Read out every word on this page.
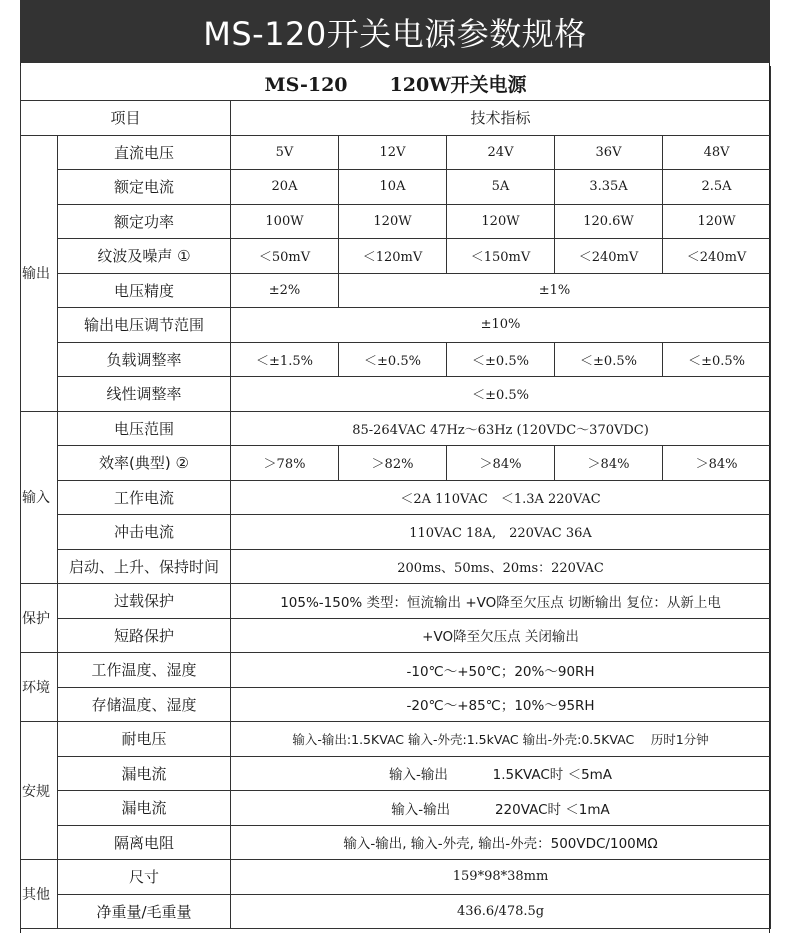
MS-120开关电源参数规格
MS-120 120W开关电源						
项目		技术指标				
输出	直流电压	5V	12V	24V	36V	48V
	额定电流	20A	10A	5A	3.35A	2.5A
	额定功率	100W	120W	120W	120.6W	120W
	纹波及噪声 ①	＜50mV	＜120mV	＜150mV	＜240mV	＜240mV
	电压精度	±2%	±1%			
	输出电压调节范围	±10%				
	负载调整率	＜±1.5%	＜±0.5%	＜±0.5%	＜±0.5%	＜±0.5%
	线性调整率	＜±0.5%				
输入	电压范围	85-264VAC 47Hz～63Hz (120VDC～370VDC)				
	效率(典型) ②	＞78%	＞82%	＞84%	＞84%	＞84%
	工作电流	＜2A 110VAC　＜1.3A 220VAC				
	冲击电流	110VAC 18A,　220VAC 36A				
	启动、上升、保持时间	200ms、50ms、20ms：220VAC				
保护	过载保护	105%-150% 类型：恒流输出 +VO降至欠压点 切断输出 复位：从新上电				
	短路保护	+VO降至欠压点 关闭输出				
环境	工作温度、湿度	-10℃～+50℃；20%～90RH				
	存储温度、湿度	-20℃～+85℃；10%～95RH				
安规	耐电压	输入-输出:1.5KVAC 输入-外壳:1.5kVAC 输出-外壳:0.5KVAC　 历时1分钟				
	漏电流	输入-输出　　　 1.5KVAC时 ＜5mA				
	漏电流	输入-输出　　　 220VAC时 ＜1mA				
	隔离电阻	输入-输出, 输入-外壳, 输出-外壳：500VDC/100MΩ				
其他	尺寸	159*98*38mm				
	净重量/毛重量	436.6/478.5g				
